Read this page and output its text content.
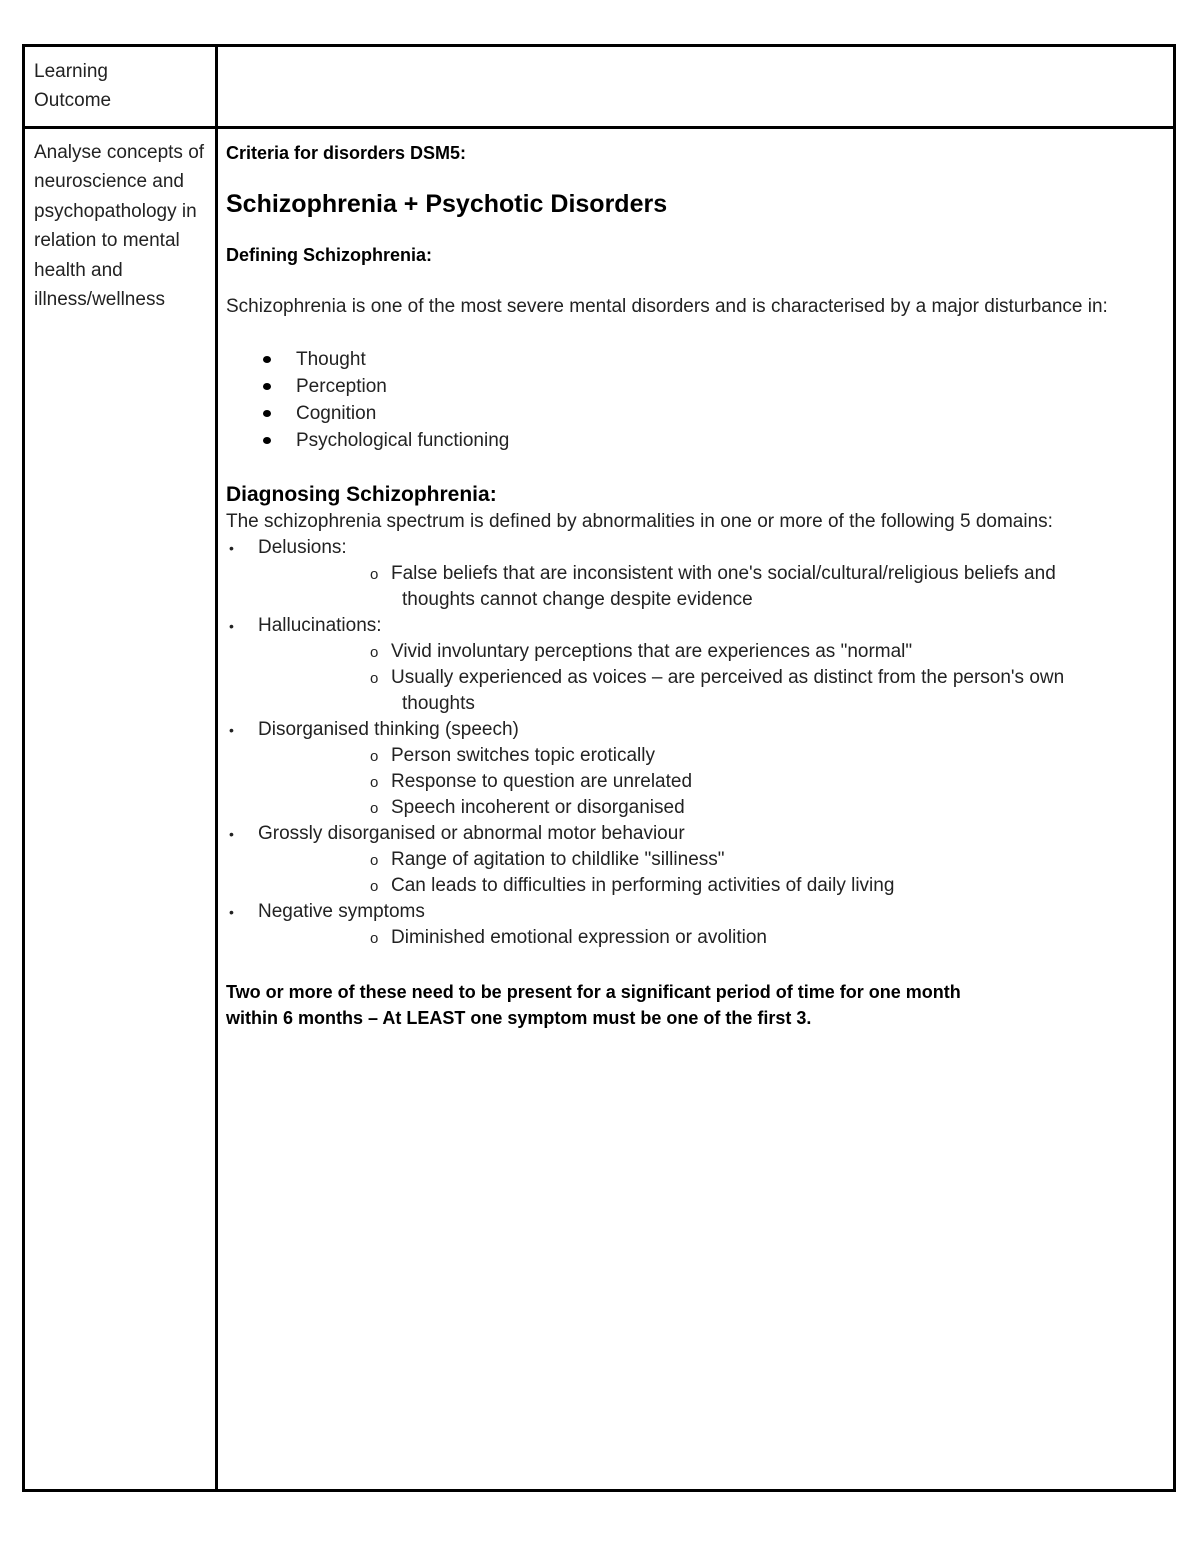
Learning
Outcome
Analyse concepts of neuroscience and psychopathology in relation to mental health and illness/wellness

Criteria for disorders DSM5:

Schizophrenia + Psychotic Disorders
Defining Schizophrenia:

Schizophrenia is one of the most severe mental disorders and is characterised by a major disturbance in:

Thought
Perception
Cognition
Psychological functioning
Diagnosing Schizophrenia:

The schizophrenia spectrum is defined by abnormalities in one or more of the following 5 domains:

• Delusions:
o False beliefs that are inconsistent with one's social/cultural/religious beliefs and
thoughts cannot change despite evidence
• Hallucinations:
o Vivid involuntary perceptions that are experiences as "normal"
o Usually experienced as voices – are perceived as distinct from the person's own
thoughts
• Disorganised thinking (speech)
o Person switches topic erotically
o Response to question are unrelated
o Speech incoherent or disorganised
• Grossly disorganised or abnormal motor behaviour
o Range of agitation to childlike "silliness"
o Can leads to difficulties in performing activities of daily living
• Negative symptoms
o Diminished emotional expression or avolition

Two or more of these need to be present for a significant period of time for one month
within 6 months – At LEAST one symptom must be one of the first 3.
